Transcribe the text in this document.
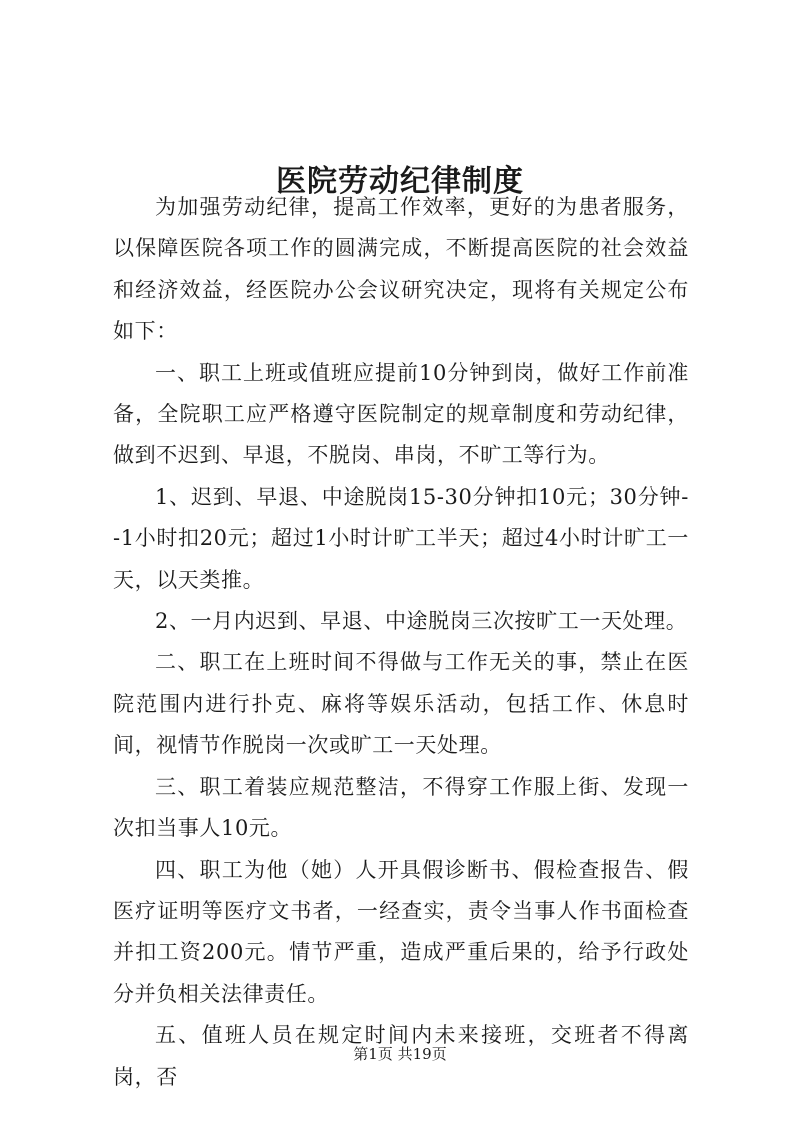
医院劳动纪律制度

为加强劳动纪律，提高工作效率，更好的为患者服务，以保障医院各项工作的圆满完成，不断提高医院的社会效益和经济效益，经医院办公会议研究决定，现将有关规定公布如下：

一、职工上班或值班应提前10分钟到岗，做好工作前准备，全院职工应严格遵守医院制定的规章制度和劳动纪律，做到不迟到、早退，不脱岗、串岗，不旷工等行为。

1、迟到、早退、中途脱岗15-30分钟扣10元；30分钟--1小时扣20元；超过1小时计旷工半天；超过4小时计旷工一天，以天类推。

2、一月内迟到、早退、中途脱岗三次按旷工一天处理。

二、职工在上班时间不得做与工作无关的事，禁止在医院范围内进行扑克、麻将等娱乐活动，包括工作、休息时间，视情节作脱岗一次或旷工一天处理。

三、职工着装应规范整洁，不得穿工作服上街、发现一次扣当事人10元。

四、职工为他（她）人开具假诊断书、假检查报告、假医疗证明等医疗文书者，一经查实，责令当事人作书面检查并扣工资200元。情节严重，造成严重后果的，给予行政处分并负相关法律责任。

五、值班人员在规定时间内未来接班，交班者不得离岗，否

第1页 共19页
